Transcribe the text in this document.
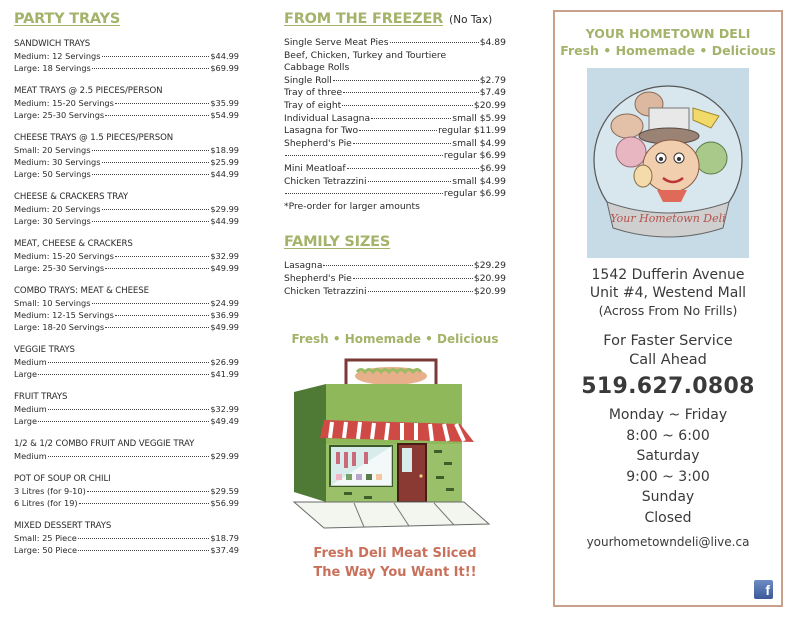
PARTY TRAYS
SANDWICH TRAYS
Medium: 12 Servings	$44.99
Large: 18 Servings	$69.99
MEAT TRAYS @ 2.5 PIECES/PERSON
Medium: 15-20 Servings	$35.99
Large: 25-30 Servings	$54.99
CHEESE TRAYS @ 1.5 PIECES/PERSON
Small: 20 Servings	$18.99
Medium: 30 Servings	$25.99
Large: 50 Servings	$44.99
CHEESE & CRACKERS TRAY
Medium: 20 Servings	$29.99
Large: 30 Servings	$44.99
MEAT, CHEESE & CRACKERS
Medium: 15-20 Servings	$32.99
Large: 25-30 Servings	$49.99
COMBO TRAYS: MEAT & CHEESE
Small: 10 Servings	$24.99
Medium: 12-15 Servings	$36.99
Large: 18-20 Servings	$49.99
VEGGIE TRAYS
Medium	$26.99
Large	$41.99
FRUIT TRAYS
Medium	$32.99
Large	$49.49
1/2 & 1/2 COMBO FRUIT AND VEGGIE TRAY
Medium	$29.99
POT OF SOUP OR CHILI
3 Litres (for 9-10)	$29.59
6 Litres (for 19)	$56.99
MIXED DESSERT TRAYS
Small: 25 Piece	$18.79
Large: 50 Piece	$37.49
FROM THE FREEZER (No Tax)
Single Serve Meat Pies	$4.89
Beef, Chicken, Turkey and Tourtiere
Cabbage Rolls
Single Roll	$2.79
Tray of three	$7.49
Tray of eight	$20.99
Individual Lasagna	small $5.99
Lasagna for Two	regular $11.99
Shepherd's Pie	small $4.99
regular $6.99
Mini Meatloaf	$6.99
Chicken Tetrazzini	small $4.99
regular $6.99
*Pre-order for larger amounts
FAMILY SIZES
Lasagna	$29.29
Shepherd's Pie	$20.99
Chicken Tetrazzini	$20.99
Fresh • Homemade • Delicious
Fresh Deli Meat Sliced
The Way You Want It!!
YOUR HOMETOWN DELI
Fresh • Homemade • Delicious
Your Hometown Deli
1542 Dufferin Avenue
Unit #4, Westend Mall
(Across From No Frills)
For Faster Service
Call Ahead
519.627.0808
Monday ~ Friday
8:00 ~ 6:00
Saturday
9:00 ~ 3:00
Sunday
Closed
yourhometowndeli@live.ca
f
